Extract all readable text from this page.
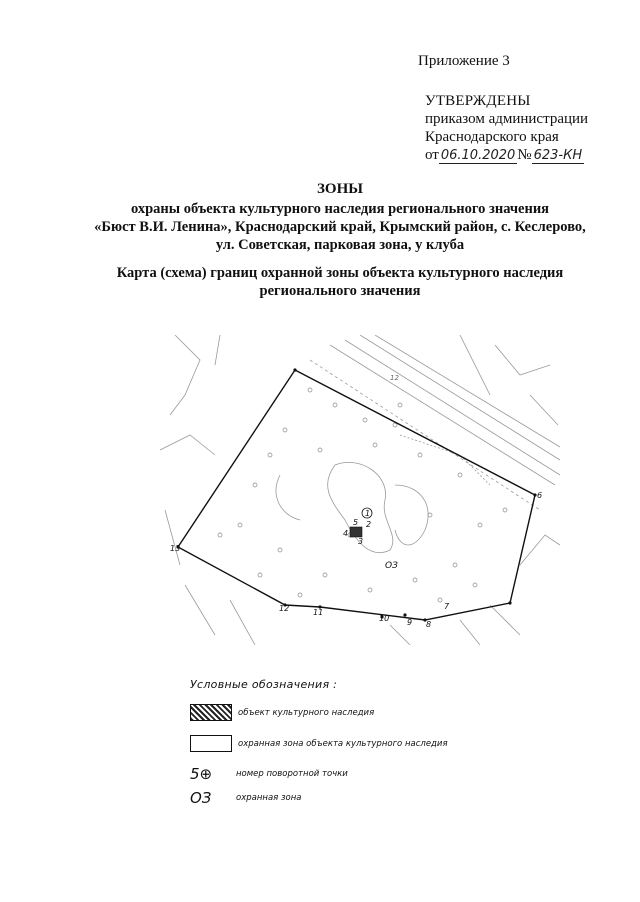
Приложение 3
УТВЕРЖДЕНЫ
приказом администрации
Краснодарского края
от 06.10.2020 № 623-КН
ЗОНЫ
охраны объекта культурного наследия регионального значения
«Бюст В.И. Ленина», Краснодарский край, Крымский район, с. Кеслерово,
ул. Советская, парковая зона, у клуба
Карта (схема) границ охранной зоны объекта культурного наследия
регионального значения
1
2
3
4
5
6
7
8
9
10
11
12
13
ОЗ
12
Условные обозначения :
объект культурного наследия
охранная зона объекта культурного наследия
5⊕	номер поворотной точки
ОЗ	охранная зона
